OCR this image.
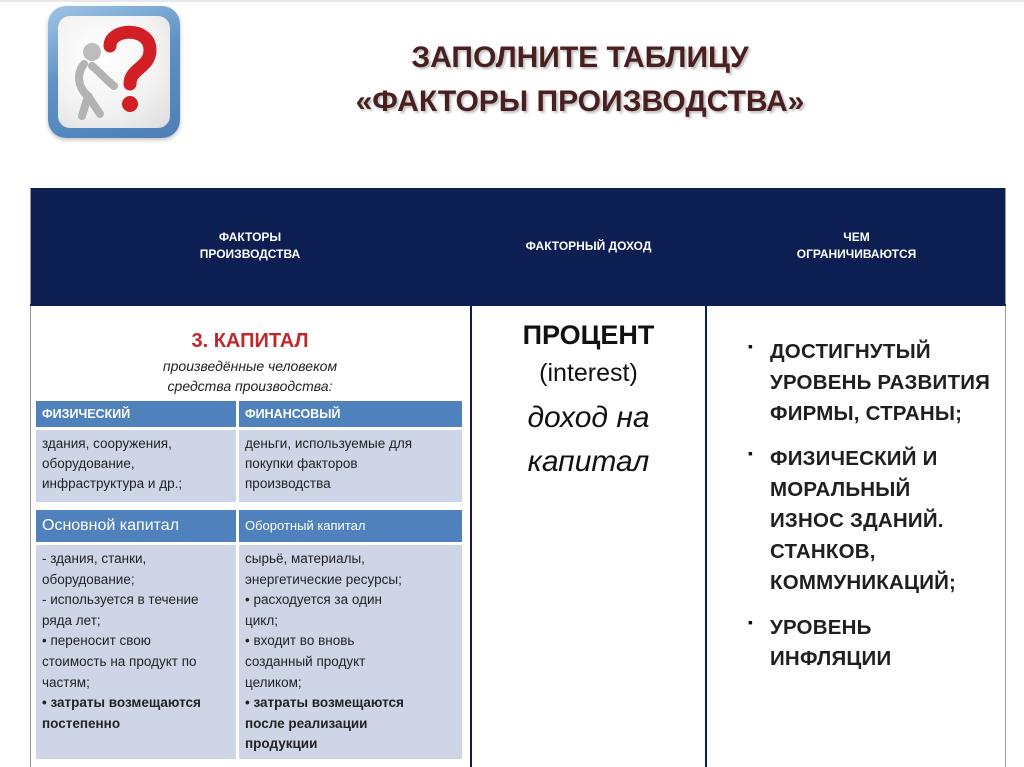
ЗАПОЛНИТЕ ТАБЛИЦУ
«ФАКТОРЫ ПРОИЗВОДСТВА»
ФАКТОРЫ
ПРОИЗВОДСТВА
ФАКТОРНЫЙ ДОХОД
ЧЕМ
ОГРАНИЧИВАЮТСЯ
3. КАПИТАЛ
произведённые человеком
средства производства:
ФИЗИЧЕСКИЙ	ФИНАНСОВЫЙ
здания, сооружения,
оборудование,
инфраструктура и др.;
деньги, используемые для
покупки факторов
производства
Основной капитал	Оборотный капитал
- здания, станки,
оборудование;
- используется в течение
ряда лет;
• переносит свою
стоимость на продукт по
частям;
• затраты возмещаются
постепенно
сырьё, материалы,
энергетические ресурсы;
• расходуется за один
цикл;
• входит во вновь
созданный продукт
целиком;
• затраты возмещаются
после реализации
продукции
ПРОЦЕНТ
(interest)
доход на
капитал
▪ ДОСТИГНУТЫЙ
УРОВЕНЬ РАЗВИТИЯ
ФИРМЫ, СТРАНЫ;
▪ ФИЗИЧЕСКИЙ И
МОРАЛЬНЫЙ
ИЗНОС ЗДАНИЙ.
СТАНКОВ,
КОММУНИКАЦИЙ;
▪ УРОВЕНЬ
ИНФЛЯЦИИ
